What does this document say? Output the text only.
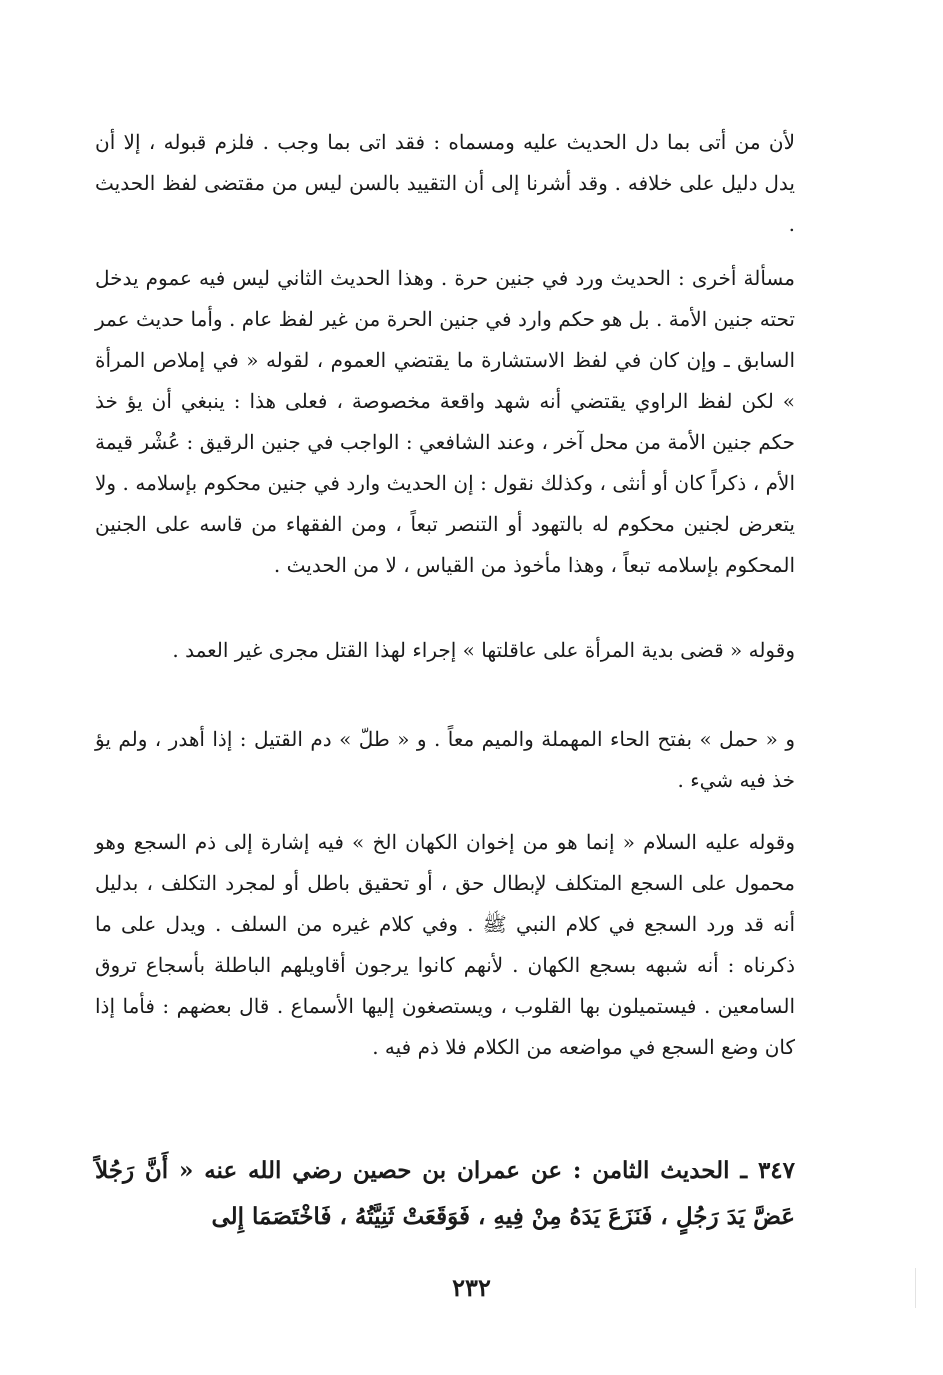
لأن من أتى بما دل الحديث عليه ومسماه : فقد اتى بما وجب . فلزم قبوله ، إلا أن يدل دليل على خلافه . وقد أشرنا إلى أن التقييد بالسن ليس من مقتضى لفظ الحديث .

مسألة أخرى : الحديث ورد في جنين حرة . وهذا الحديث الثاني ليس فيه عموم يدخل تحته جنين الأمة . بل هو حكم وارد في جنين الحرة من غير لفظ عام . وأما حديث عمر السابق ـ وإن كان في لفظ الاستشارة ما يقتضي العموم ، لقوله « في إملاص المرأة » لكن لفظ الراوي يقتضي أنه شهد واقعة مخصوصة ، فعلى هذا : ينبغي أن يؤ خذ حكم جنين الأمة من محل آخر ، وعند الشافعي : الواجب في جنين الرقيق : عُشْر قيمة الأم ، ذكراً كان أو أنثى ، وكذلك نقول : إن الحديث وارد في جنين محكوم بإسلامه . ولا يتعرض لجنين محكوم له بالتهود أو التنصر تبعاً ، ومن الفقهاء من قاسه على الجنين المحكوم بإسلامه تبعاً ، وهذا مأخوذ من القياس ، لا من الحديث .

وقوله « قضى بدية المرأة على عاقلتها » إجراء لهذا القتل مجرى غير العمد .

و « حمل » بفتح الحاء المهملة والميم معاً . و « طلّ » دم القتيل : إذا أهدر ، ولم يؤ خذ فيه شيء .

وقوله عليه السلام « إنما هو من إخوان الكهان الخ » فيه إشارة إلى ذم السجع وهو محمول على السجع المتكلف لإبطال حق ، أو تحقيق باطل أو لمجرد التكلف ، بدليل أنه قد ورد السجع في كلام النبي ﷺ . وفي كلام غيره من السلف . ويدل على ما ذكرناه : أنه شبهه بسجع الكهان . لأنهم كانوا يرجون أقاويلهم الباطلة بأسجاع تروق السامعين . فيستميلون بها القلوب ، ويستصغون إليها الأسماع . قال بعضهم : فأما إذا كان وضع السجع في مواضعه من الكلام فلا ذم فيه .

٣٤٧ ـ الحديث الثامن : عن عمران بن حصين رضي الله عنه « أَنَّ رَجُلاً عَضَّ يَدَ رَجُلٍ ، فَنَزَعَ يَدَهُ مِنْ فِيهِ ، فَوَقَعَتْ ثَنِيَّتُهُ ، فَاخْتَصَمَا إِلى

٢٣٢
